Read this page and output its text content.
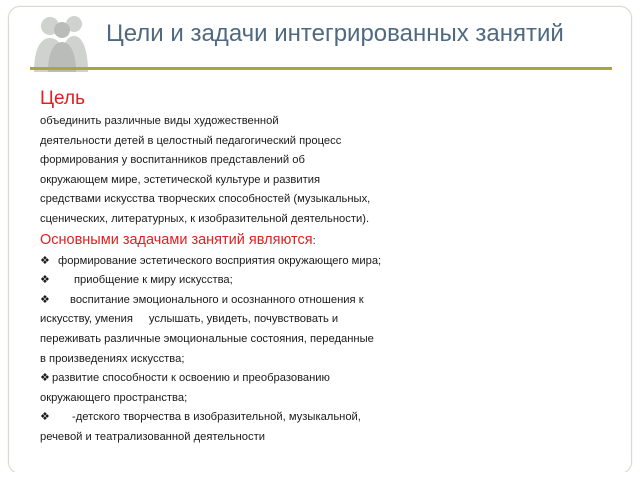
Цели и задачи интегрированных занятий
Цель
объединить различные виды художественной
деятельности детей в целостный педагогический процесс
формирования у воспитанников представлений об
окружающем мире, эстетической культуре и развития
средствами искусства творческих способностей (музыкальных,
сценических, литературных, к изобразительной деятельности).
Основными задачами занятий являются:
❖ формирование эстетического восприятия окружающего мира;
❖ приобщение к миру искусства;
❖ воспитание эмоционального и осознанного отношения к
искусству, умения услышать, увидеть, почувствовать и
переживать различные эмоциональные состояния, переданные
в произведениях искусства;
❖ развитие способности к освоению и преобразованию
окружающего пространства;
❖ -детского творчества в изобразительной, музыкальной,
речевой и театрализованной деятельности
